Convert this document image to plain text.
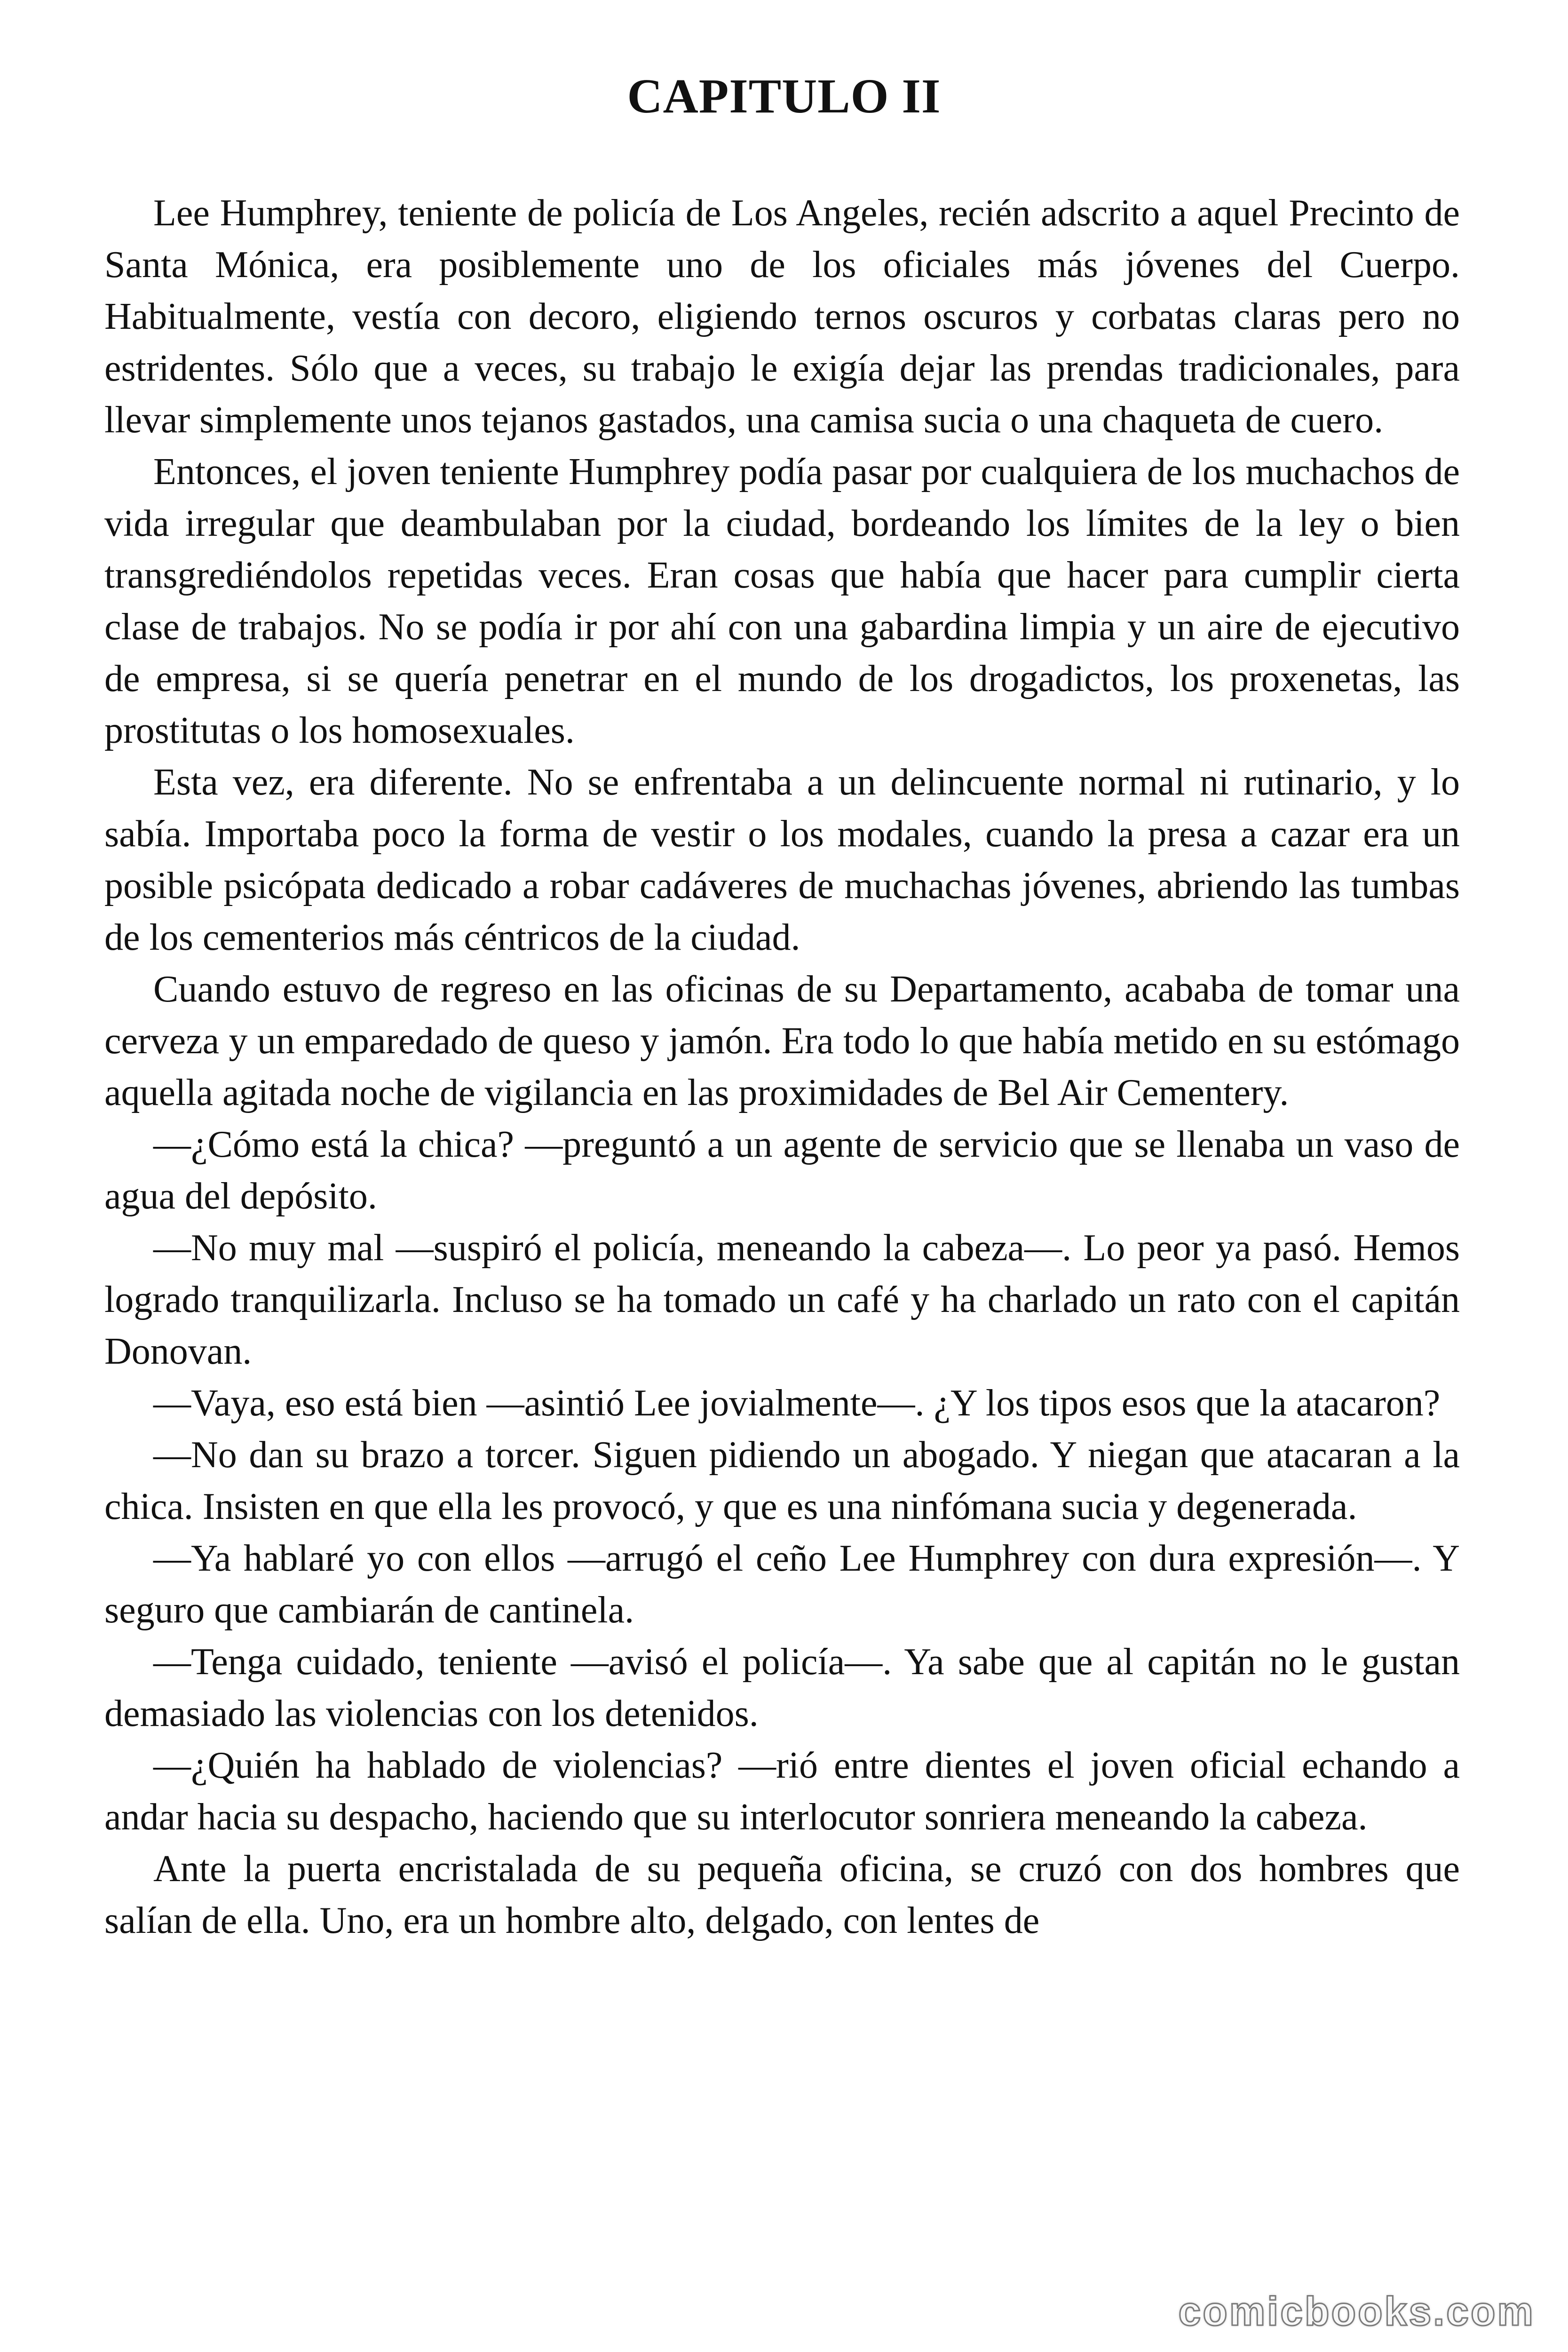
CAPITULO II

Lee Humphrey, teniente de policía de Los Angeles, recién adscrito a aquel Precinto de Santa Mónica, era posiblemente uno de los oficiales más jóvenes del Cuerpo. Habitualmente, vestía con decoro, eligiendo ternos oscuros y corbatas claras pero no estridentes. Sólo que a veces, su trabajo le exigía dejar las prendas tradicionales, para llevar simplemente unos tejanos gastados, una camisa sucia o una chaqueta de cuero.

Entonces, el joven teniente Humphrey podía pasar por cualquiera de los muchachos de vida irregular que deambulaban por la ciudad, bordeando los límites de la ley o bien transgrediéndolos repetidas veces. Eran cosas que había que hacer para cumplir cierta clase de trabajos. No se podía ir por ahí con una gabardina limpia y un aire de ejecutivo de empresa, si se quería penetrar en el mundo de los drogadictos, los proxenetas, las prostitutas o los homosexuales.

Esta vez, era diferente. No se enfrentaba a un delincuente normal ni rutinario, y lo sabía. Importaba poco la forma de vestir o los modales, cuando la presa a cazar era un posible psicópata dedicado a robar cadáveres de muchachas jóvenes, abriendo las tumbas de los cementerios más céntricos de la ciudad.

Cuando estuvo de regreso en las oficinas de su Departamento, acababa de tomar una cerveza y un emparedado de queso y jamón. Era todo lo que había metido en su estómago aquella agitada noche de vigilancia en las proximidades de Bel Air Cementery.

—¿Cómo está la chica? —preguntó a un agente de servicio que se llenaba un vaso de agua del depósito.

—No muy mal —suspiró el policía, meneando la cabeza—. Lo peor ya pasó. Hemos logrado tranquilizarla. Incluso se ha tomado un café y ha charlado un rato con el capitán Donovan.

—Vaya, eso está bien —asintió Lee jovialmente—. ¿Y los tipos esos que la atacaron?

—No dan su brazo a torcer. Siguen pidiendo un abogado. Y niegan que atacaran a la chica. Insisten en que ella les provocó, y que es una ninfómana sucia y degenerada.

—Ya hablaré yo con ellos —arrugó el ceño Lee Humphrey con dura expresión—. Y seguro que cambiarán de cantinela.

—Tenga cuidado, teniente —avisó el policía—. Ya sabe que al capitán no le gustan demasiado las violencias con los detenidos.

—¿Quién ha hablado de violencias? —rió entre dientes el joven oficial echando a andar hacia su despacho, haciendo que su interlocutor sonriera meneando la cabeza.

Ante la puerta encristalada de su pequeña oficina, se cruzó con dos hombres que salían de ella. Uno, era un hombre alto, delgado, con lentes de

comicbooks.com
